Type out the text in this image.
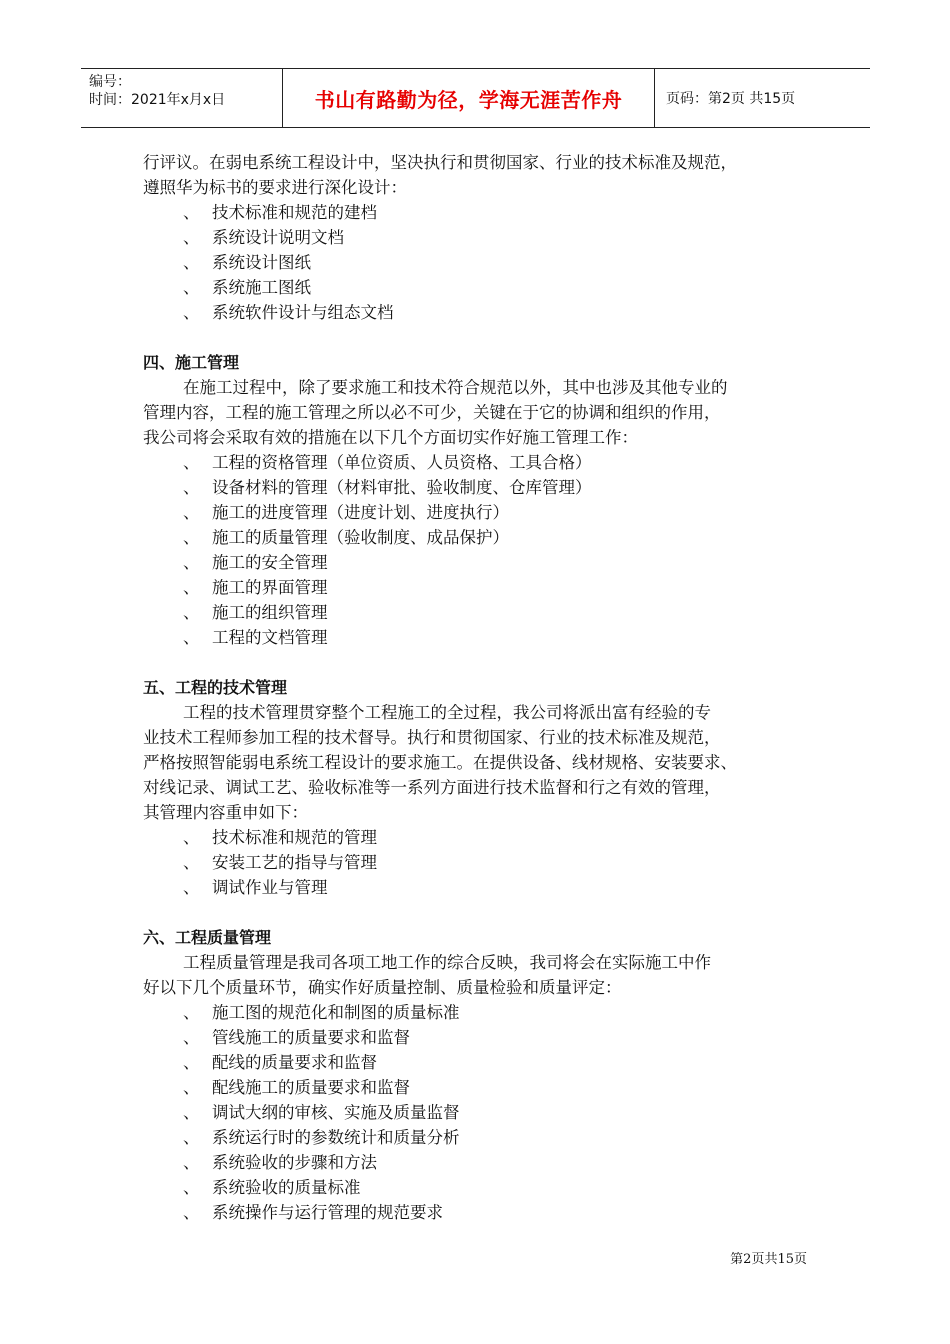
编号：
时间：2021年x月x日	书山有路勤为径，学海无涯苦作舟	页码：第2页 共15页

行评议。在弱电系统工程设计中，坚决执行和贯彻国家、行业的技术标准及规范，

遵照华为标书的要求进行深化设计：

、 技术标准和规范的建档
、 系统设计说明文档
、 系统设计图纸
、 系统施工图纸
、 系统软件设计与组态文档
四、施工管理

在施工过程中，除了要求施工和技术符合规范以外，其中也涉及其他专业的

管理内容，工程的施工管理之所以必不可少，关键在于它的协调和组织的作用，

我公司将会采取有效的措施在以下几个方面切实作好施工管理工作：

、 工程的资格管理（单位资质、人员资格、工具合格）
、 设备材料的管理（材料审批、验收制度、仓库管理）
、 施工的进度管理（进度计划、进度执行）
、 施工的质量管理（验收制度、成品保护）
、 施工的安全管理
、 施工的界面管理
、 施工的组织管理
、 工程的文档管理
五、工程的技术管理

工程的技术管理贯穿整个工程施工的全过程，我公司将派出富有经验的专

业技术工程师参加工程的技术督导。执行和贯彻国家、行业的技术标准及规范，

严格按照智能弱电系统工程设计的要求施工。在提供设备、线材规格、安装要求、

对线记录、调试工艺、验收标准等一系列方面进行技术监督和行之有效的管理，

其管理内容重申如下：

、 技术标准和规范的管理
、 安装工艺的指导与管理
、 调试作业与管理
六、工程质量管理

工程质量管理是我司各项工地工作的综合反映，我司将会在实际施工中作

好以下几个质量环节，确实作好质量控制、质量检验和质量评定：

、 施工图的规范化和制图的质量标准
、 管线施工的质量要求和监督
、 配线的质量要求和监督
、 配线施工的质量要求和监督
、 调试大纲的审核、实施及质量监督
、 系统运行时的参数统计和质量分析
、 系统验收的步骤和方法
、 系统验收的质量标准
、 系统操作与运行管理的规范要求
第2页共15页
